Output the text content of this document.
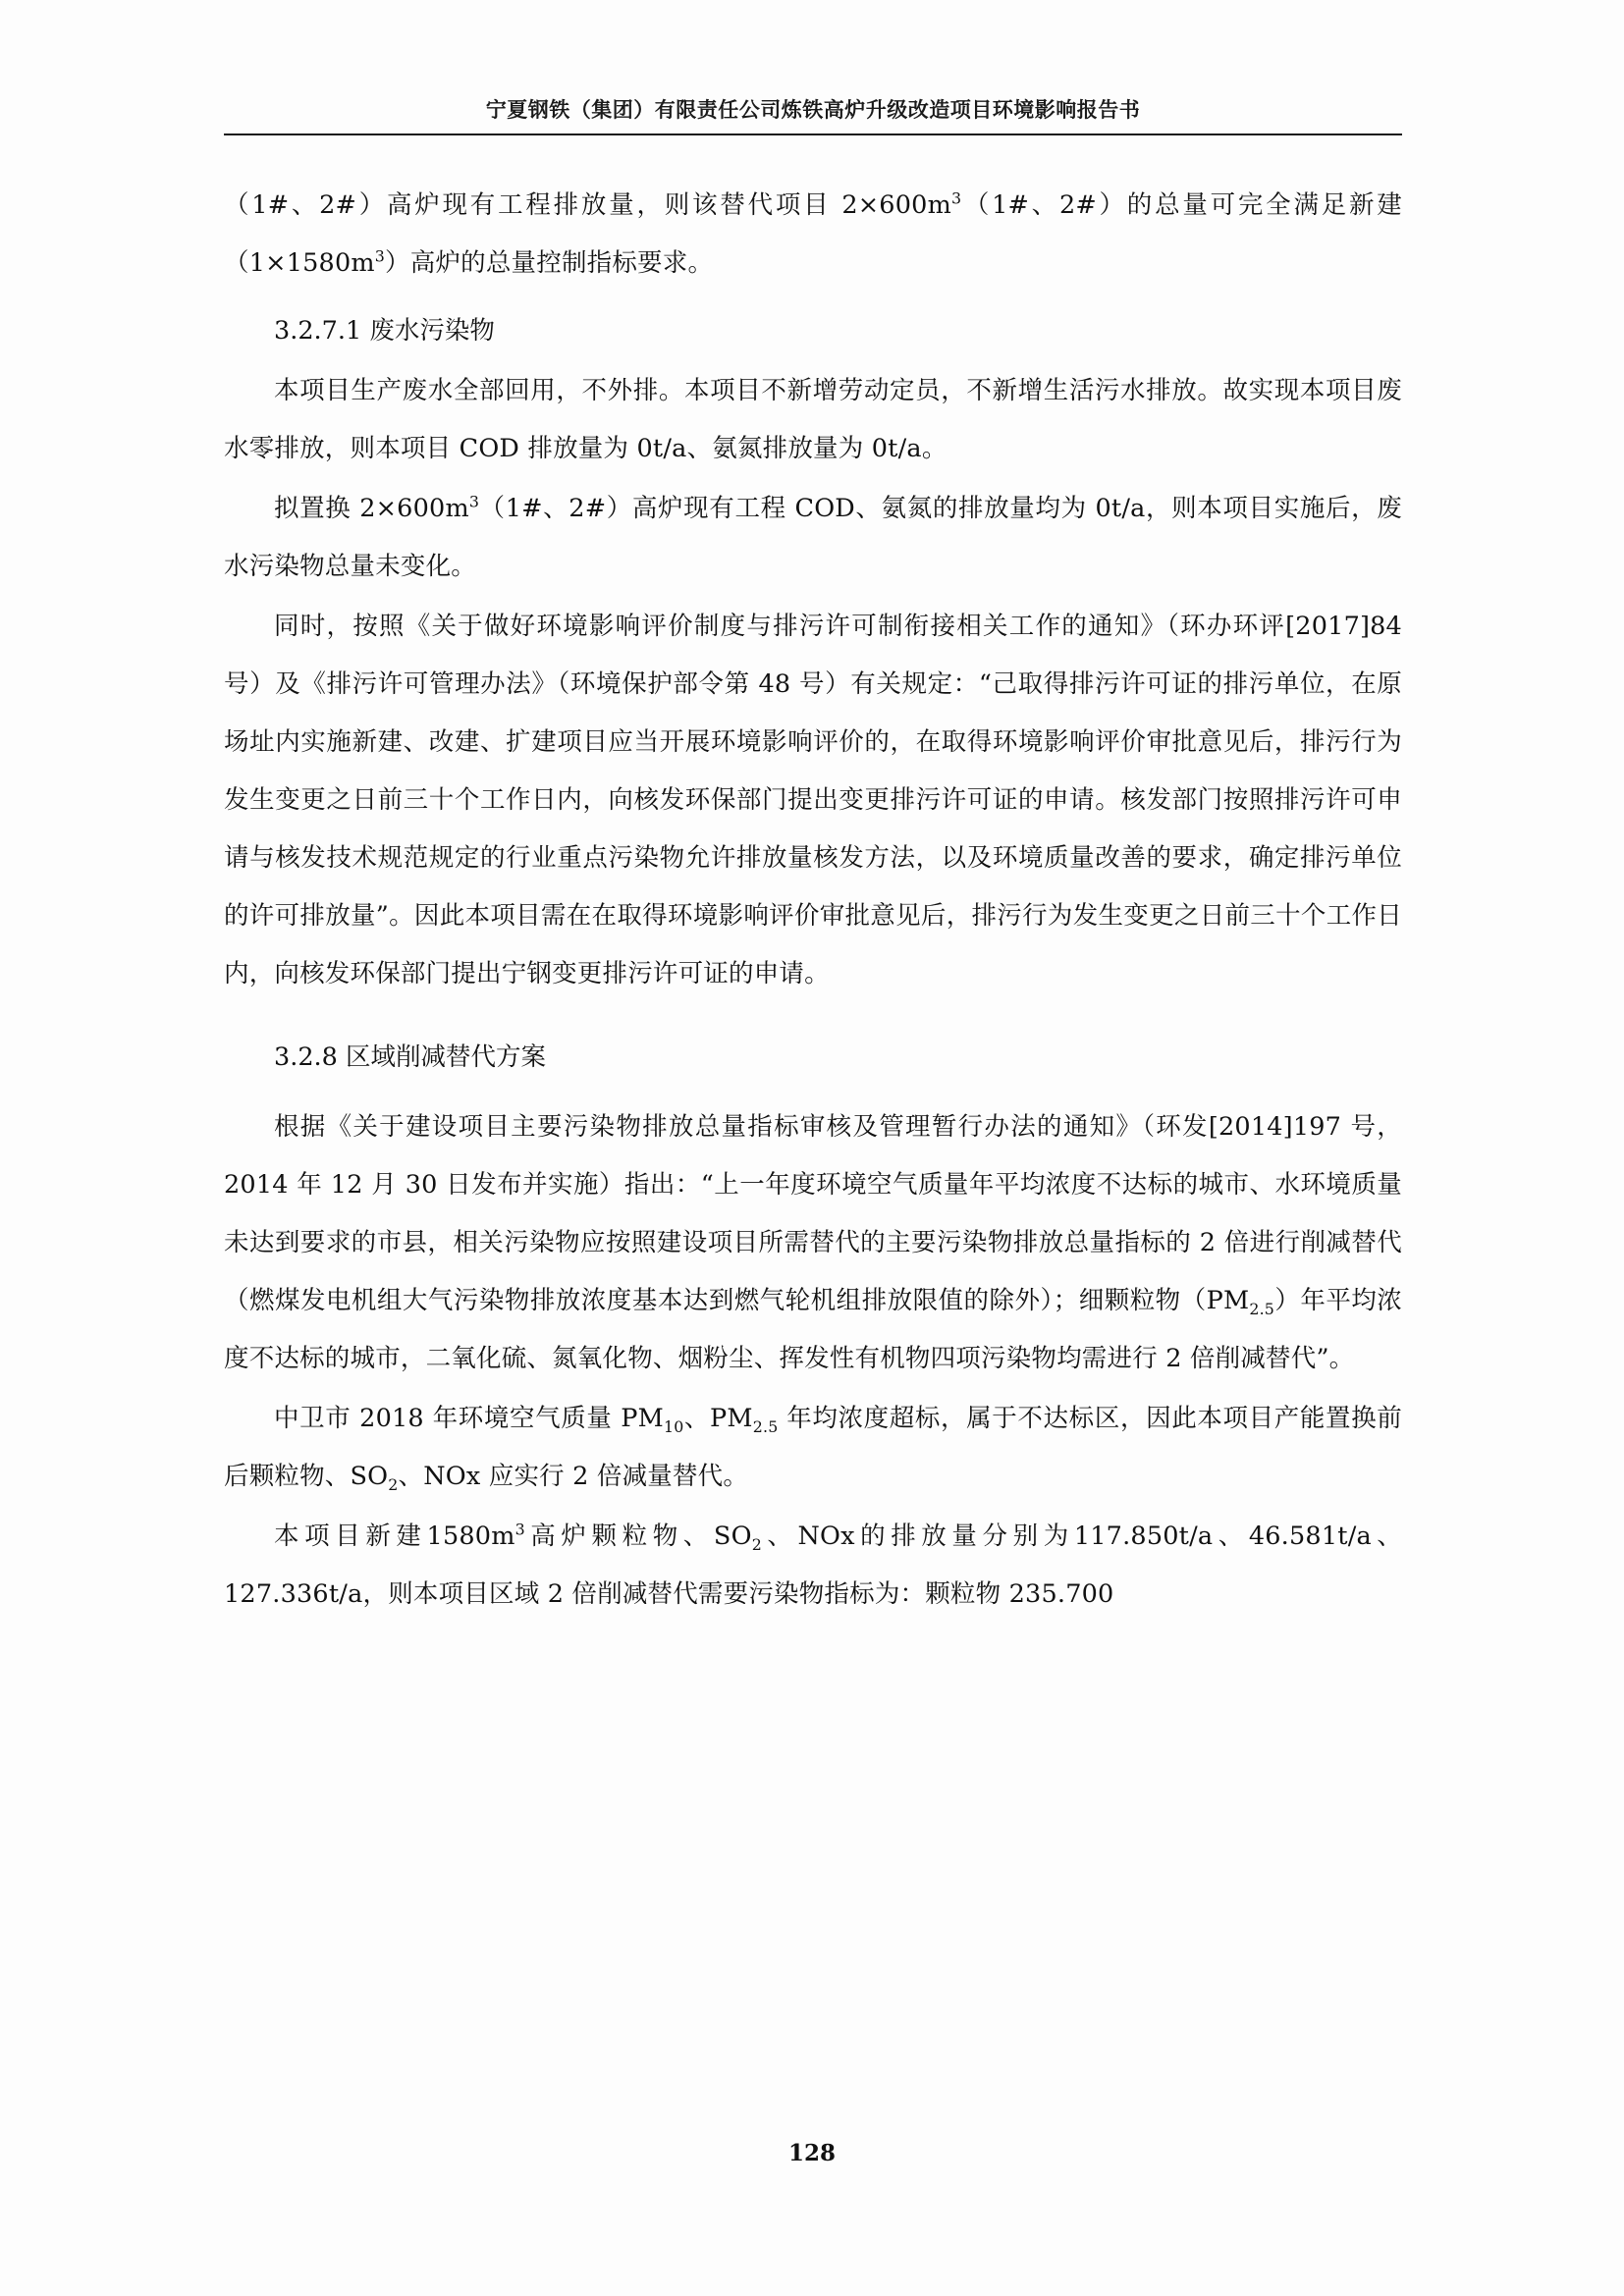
宁夏钢铁（集团）有限责任公司炼铁高炉升级改造项目环境影响报告书

（1#、2#）高炉现有工程排放量，则该替代项目 $2\times 600m^3(1\#$、2#）的总量可完全满足新建$(1\times 1580m^3)$高炉的总量控制指标要求。

3.2.7.1 废水污染物

本项目生产废水全部回用，不外排。本项目不新增劳动定员，不新增生活污水排放。故实现本项目废水零排放，则本项目 COD 排放量为 0t/a、氨氮排放量为 0t/a。

拟置换 $2\times 600m^3(1\#$、2#）高炉现有工程 COD、氨氮的排放量均为 0t/a，则本项目实施后，废水污染物总量未变化。

同时，按照《关于做好环境影响评价制度与排污许可制衔接相关工作的通知》（环办环评[2017]84 号）及《排污许可管理办法》（环境保护部令第 48 号）有关规定：“己取得排污许可证的排污单位，在原场址内实施新建、改建、扩建项目应当开展环境影响评价的，在取得环境影响评价审批意见后，排污行为发生变更之日前三十个工作日内，向核发环保部门提出变更排污许可证的申请。核发部门按照排污许可申请与核发技术规范规定的行业重点污染物允许排放量核发方法，以及环境质量改善的要求，确定排污单位的许可排放量”。因此本项目需在在取得环境影响评价审批意见后，排污行为发生变更之日前三十个工作日内，向核发环保部门提出宁钢变更排污许可证的申请。

3.2.8 区域削减替代方案

根据《关于建设项目主要污染物排放总量指标审核及管理暂行办法的通知》（环发[2014]197 号，2014 年 12 月 30 日发布并实施）指出：“上一年度环境空气质量年平均浓度不达标的城市、水环境质量未达到要求的市县，相关污染物应按照建设项目所需替代的主要污染物排放总量指标的 2 倍进行削减替代（燃煤发电机组大气污染物排放浓度基本达到燃气轮机组排放限值的除外）；细颗粒物$(PM_{2.5})$年平均浓度不达标的城市，二氧化硫、氮氧化物、烟粉尘、挥发性有机物四项污染物均需进行 2 倍削减替代”。

中卫市 2018 年环境空气质量 $PM_{10}$、$PM_{2.5}$ 年均浓度超标，属于不达标区，因此本项目产能置换前后颗粒物、$SO_2$、NOx 应实行 2 倍减量替代。

本项目新建$1580m^3$高炉颗粒物、$SO_2$、NOx的排放量分别为117.850t/a、46.581t/a、127.336t/a，则本项目区域 2 倍削减替代需要污染物指标为：颗粒物 235.700

128
